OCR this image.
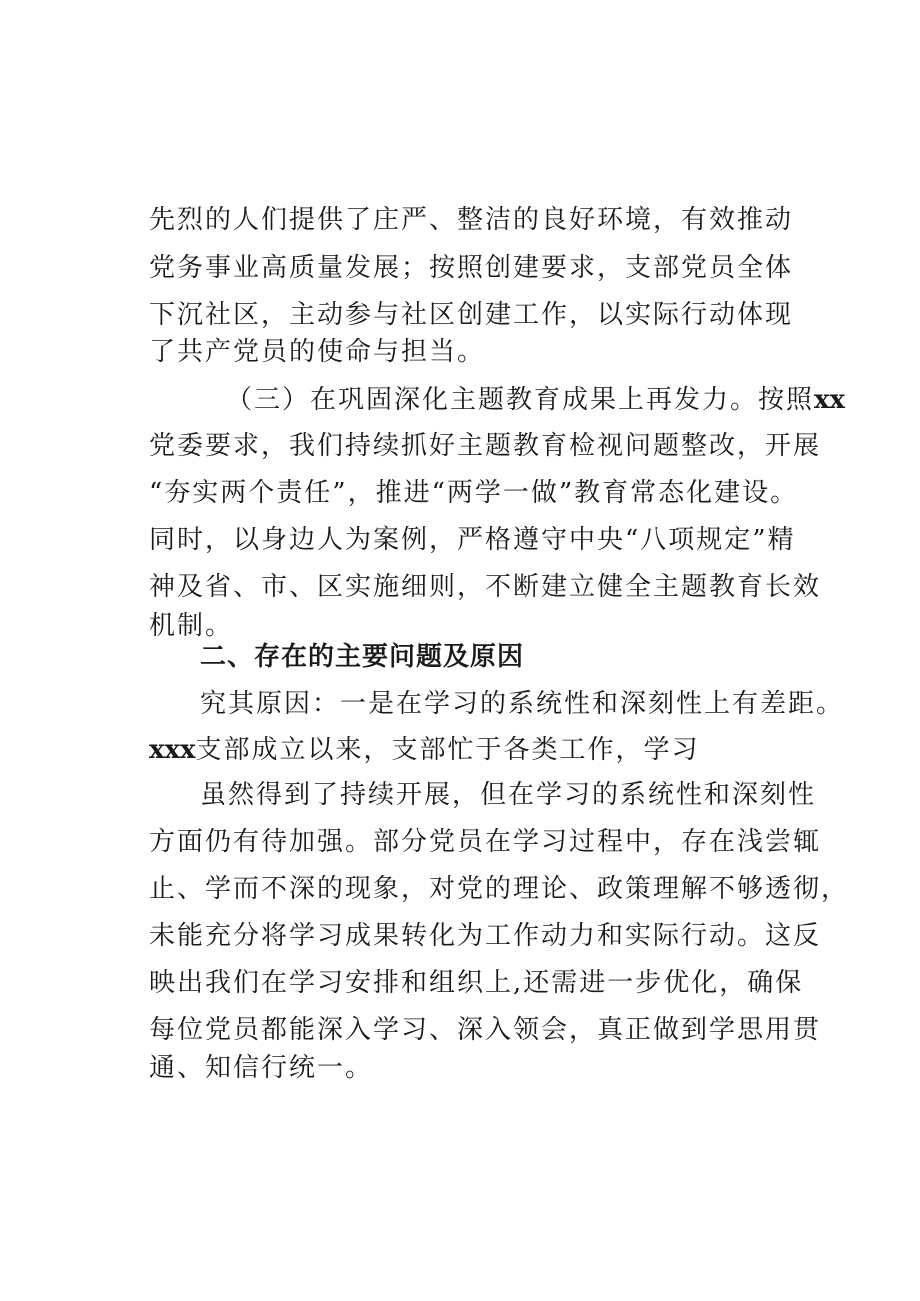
先烈的人们提供了庄严、整洁的良好环境，有效推动
党务事业高质量发展；按照创建要求，支部党员全体
下沉社区，主动参与社区创建工作，以实际行动体现
了共产党员的使命与担当。
（三）在巩固深化主题教育成果上再发力。按照xx
党委要求，我们持续抓好主题教育检视问题整改，开展
“夯实两个责任”，推进“两学一做”教育常态化建设。
同时，以身边人为案例，严格遵守中央“八项规定”精
神及省、市、区实施细则，不断建立健全主题教育长效
机制。
二、存在的主要问题及原因
究其原因：一是在学习的系统性和深刻性上有差距。
xxx支部成立以来，支部忙于各类工作，学习
虽然得到了持续开展，但在学习的系统性和深刻性
方面仍有待加强。部分党员在学习过程中，存在浅尝辄
止、学而不深的现象，对党的理论、政策理解不够透彻，
未能充分将学习成果转化为工作动力和实际行动。这反
映出我们在学习安排和组织上,还需进一步优化，确保
每位党员都能深入学习、深入领会，真正做到学思用贯
通、知信行统一。
